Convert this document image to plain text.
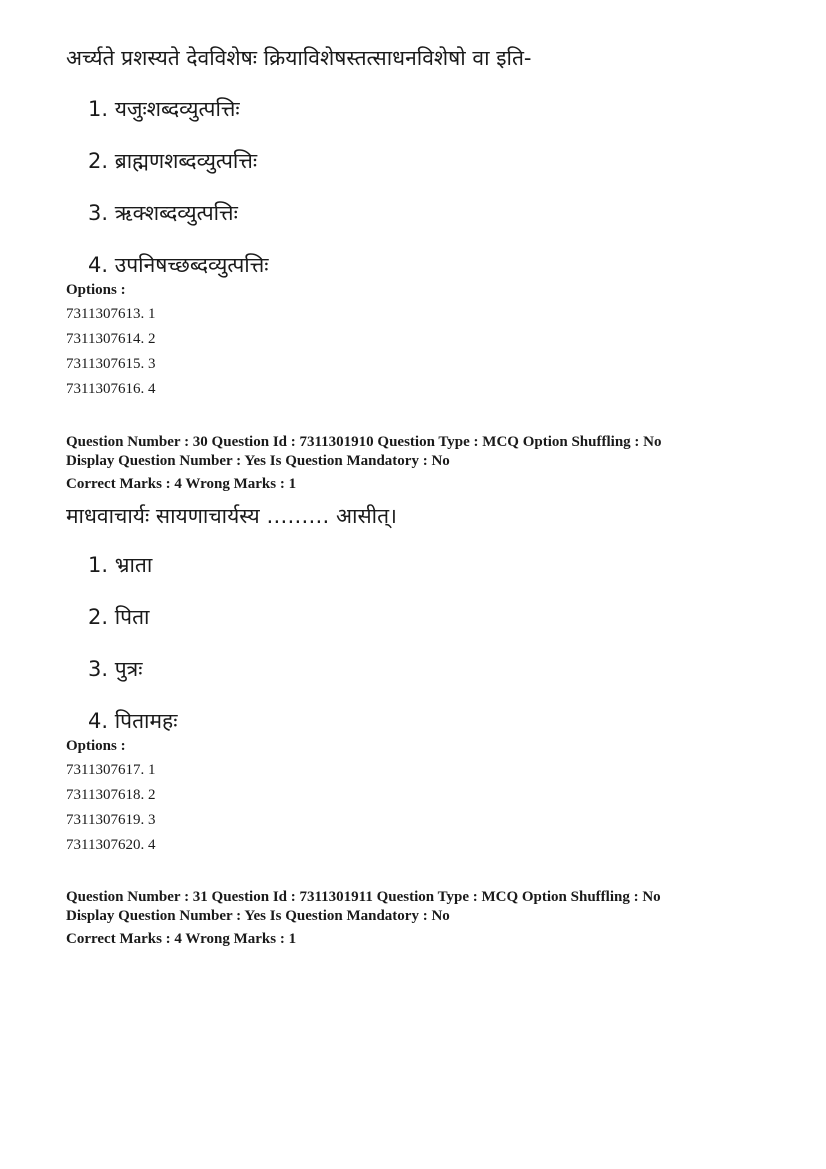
अर्च्यते प्रशस्यते देवविशेषः क्रियाविशेषस्तत्साधनविशेषो वा इति-
1. यजुःशब्दव्युत्पत्तिः
2. ब्राह्मणशब्दव्युत्पत्तिः
3. ऋक्शब्दव्युत्पत्तिः
4. उपनिषच्छब्दव्युत्पत्तिः
Options :
7311307613. 1
7311307614. 2
7311307615. 3
7311307616. 4
Question Number : 30 Question Id : 7311301910 Question Type : MCQ Option Shuffling : No
Display Question Number : Yes Is Question Mandatory : No
Correct Marks : 4 Wrong Marks : 1
माधवाचार्यः सायणाचार्यस्य ……… आसीत्।
1. भ्राता
2. पिता
3. पुत्रः
4. पितामहः
Options :
7311307617. 1
7311307618. 2
7311307619. 3
7311307620. 4
Question Number : 31 Question Id : 7311301911 Question Type : MCQ Option Shuffling : No
Display Question Number : Yes Is Question Mandatory : No
Correct Marks : 4 Wrong Marks : 1
